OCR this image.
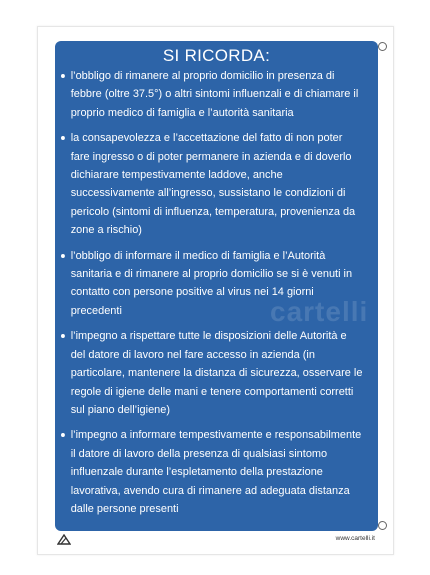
SI RICORDA:
l’obbligo di rimanere al proprio domicilio in presenza di febbre (oltre 37.5°) o altri sintomi influenzali e di chiamare il proprio medico di famiglia e l’autorità sanitaria
la consapevolezza e l’accettazione del fatto di non poter fare ingresso o di poter permanere in azienda e di doverlo dichiarare tempestivamente laddove, anche successivamente all’ingresso, sussistano le condizioni di pericolo (sintomi di influenza, temperatura, provenienza da zone a rischio)
l’obbligo di informare il medico di famiglia e l’Autorità sanitaria e di rimanere al proprio domicilio se si è venuti in contatto con persone positive al virus nei 14 giorni precedenti
l’impegno a rispettare tutte le disposizioni delle Autorità e del datore di lavoro nel fare accesso in azienda (in particolare, mantenere la distanza di sicurezza, osservare le regole di igiene delle mani e tenere comportamenti corretti sul piano dell’igiene)
l’impegno a informare tempestivamente e responsabilmente il datore di lavoro della presenza di qualsiasi sintomo influenzale durante l’espletamento della prestazione lavorativa, avendo cura di rimanere ad adeguata distanza dalle persone presenti
cartelli
www.cartelli.it
